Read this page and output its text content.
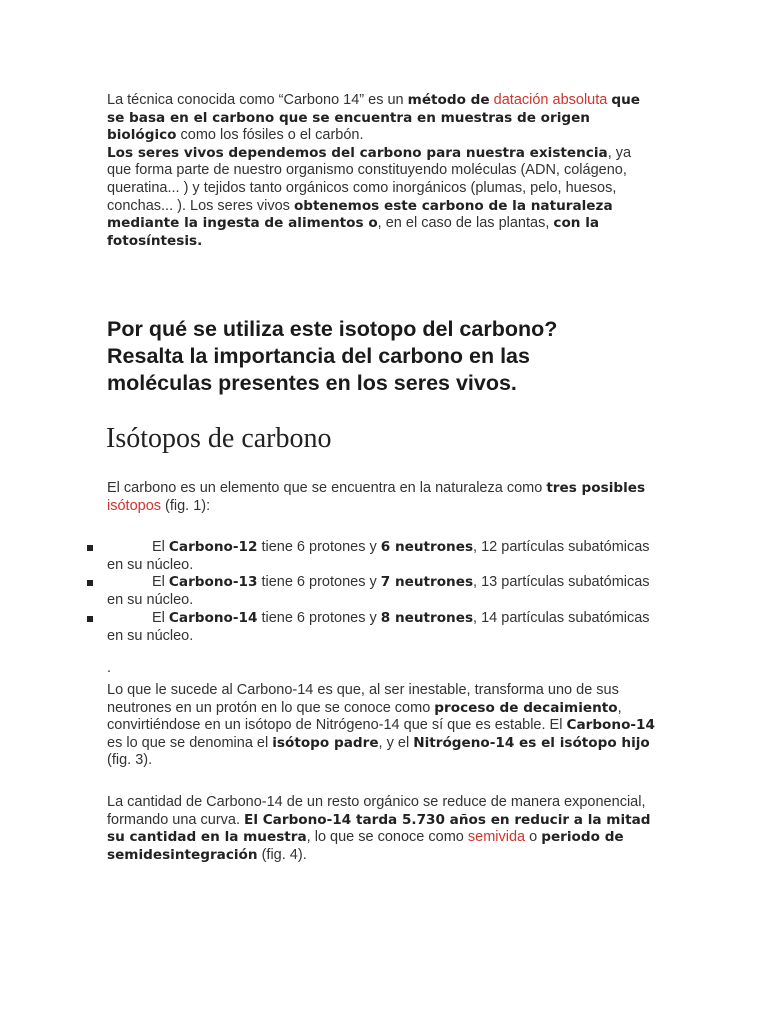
La técnica conocida como “Carbono 14” es un método de datación absoluta que se basa en el carbono que se encuentra en muestras de origen biológico como los fósiles o el carbón.
Los seres vivos dependemos del carbono para nuestra existencia, ya que forma parte de nuestro organismo constituyendo moléculas (ADN, colágeno, queratina... ) y tejidos tanto orgánicos como inorgánicos (plumas, pelo, huesos, conchas... ). Los seres vivos obtenemos este carbono de la naturaleza mediante la ingesta de alimentos o, en el caso de las plantas, con la fotosíntesis.

Por qué se utiliza este isotopo del carbono?
Resalta la importancia del carbono en las
moléculas presentes en los seres vivos.

Isótopos de carbono

El carbono es un elemento que se encuentra en la naturaleza como tres posibles isótopos (fig. 1):

El Carbono-12 tiene 6 protones y 6 neutrones, 12 partículas subatómicas en su núcleo.

El Carbono-13 tiene 6 protones y 7 neutrones, 13 partículas subatómicas en su núcleo.

El Carbono-14 tiene 6 protones y 8 neutrones, 14 partículas subatómicas en su núcleo.

.

Lo que le sucede al Carbono-14 es que, al ser inestable, transforma uno de sus neutrones en un protón en lo que se conoce como proceso de decaimiento, convirtiéndose en un isótopo de Nitrógeno-14 que sí que es estable. El Carbono-14 es lo que se denomina el isótopo padre, y el Nitrógeno-14 es el isótopo hijo (fig. 3).

La cantidad de Carbono-14 de un resto orgánico se reduce de manera exponencial, formando una curva. El Carbono-14 tarda 5.730 años en reducir a la mitad su cantidad en la muestra, lo que se conoce como semivida o periodo de semidesintegración (fig. 4).
